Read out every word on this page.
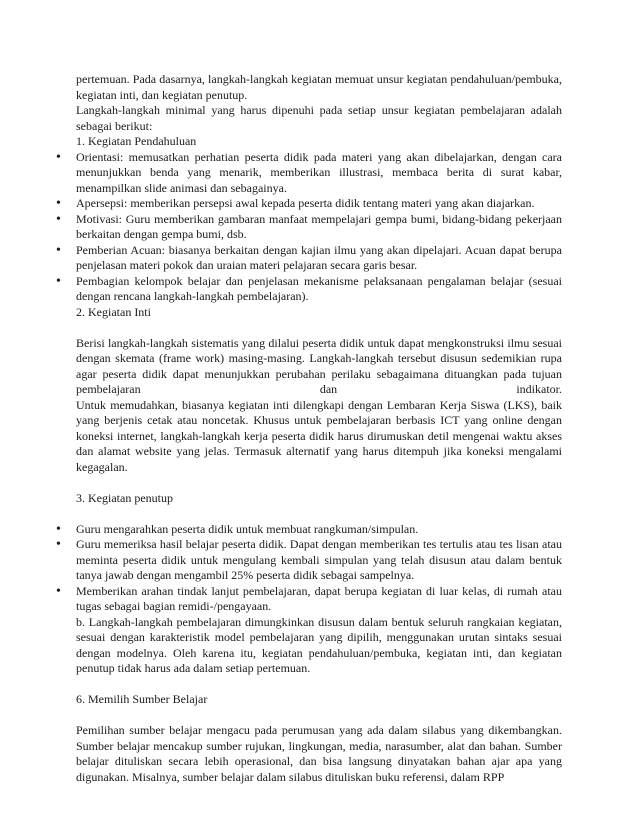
pertemuan. Pada dasarnya, langkah-langkah kegiatan memuat unsur kegiatan pendahuluan/pembuka, kegiatan inti, dan kegiatan penutup.

Langkah-langkah minimal yang harus dipenuhi pada setiap unsur kegiatan pembelajaran adalah sebagai berikut:

1. Kegiatan Pendahuluan

• Orientasi: memusatkan perhatian peserta didik pada materi yang akan dibelajarkan, dengan cara menunjukkan benda yang menarik, memberikan illustrasi, membaca berita di surat kabar, menampilkan slide animasi dan sebagainya.
• Apersepsi: memberikan persepsi awal kepada peserta didik tentang materi yang akan diajarkan.
• Motivasi: Guru memberikan gambaran manfaat mempelajari gempa bumi, bidang-bidang pekerjaan berkaitan dengan gempa bumi, dsb.
• Pemberian Acuan: biasanya berkaitan dengan kajian ilmu yang akan dipelajari. Acuan dapat berupa penjelasan materi pokok dan uraian materi pelajaran secara garis besar.
• Pembagian kelompok belajar dan penjelasan mekanisme pelaksanaan pengalaman belajar (sesuai dengan rencana langkah-langkah pembelajaran).

2. Kegiatan Inti

Berisi langkah-langkah sistematis yang dilalui peserta didik untuk dapat mengkonstruksi ilmu sesuai dengan skemata (frame work) masing-masing. Langkah-langkah tersebut disusun sedemikian rupa agar peserta didik dapat menunjukkan perubahan perilaku sebagaimana dituangkan pada tujuan pembelajaran dan indikator.

Untuk memudahkan, biasanya kegiatan inti dilengkapi dengan Lembaran Kerja Siswa (LKS), baik yang berjenis cetak atau noncetak. Khusus untuk pembelajaran berbasis ICT yang online dengan koneksi internet, langkah-langkah kerja peserta didik harus dirumuskan detil mengenai waktu akses dan alamat website yang jelas. Termasuk alternatif yang harus ditempuh jika koneksi mengalami kegagalan.

3. Kegiatan penutup

• Guru mengarahkan peserta didik untuk membuat rangkuman/simpulan.
• Guru memeriksa hasil belajar peserta didik. Dapat dengan memberikan tes tertulis atau tes lisan atau meminta peserta didik untuk mengulang kembali simpulan yang telah disusun atau dalam bentuk tanya jawab dengan mengambil 25% peserta didik sebagai sampelnya.
• Memberikan arahan tindak lanjut pembelajaran, dapat berupa kegiatan di luar kelas, di rumah atau tugas sebagai bagian remidi-/pengayaan.

b. Langkah-langkah pembelajaran dimungkinkan disusun dalam bentuk seluruh rangkaian kegiatan, sesuai dengan karakteristik model pembelajaran yang dipilih, menggunakan urutan sintaks sesuai dengan modelnya. Oleh karena itu, kegiatan pendahuluan/pembuka, kegiatan inti, dan kegiatan penutup tidak harus ada dalam setiap pertemuan.

6. Memilih Sumber Belajar

Pemilihan sumber belajar mengacu pada perumusan yang ada dalam silabus yang dikembangkan. Sumber belajar mencakup sumber rujukan, lingkungan, media, narasumber, alat dan bahan. Sumber belajar dituliskan secara lebih operasional, dan bisa langsung dinyatakan bahan ajar apa yang digunakan. Misalnya, sumber belajar dalam silabus dituliskan buku referensi, dalam RPP
